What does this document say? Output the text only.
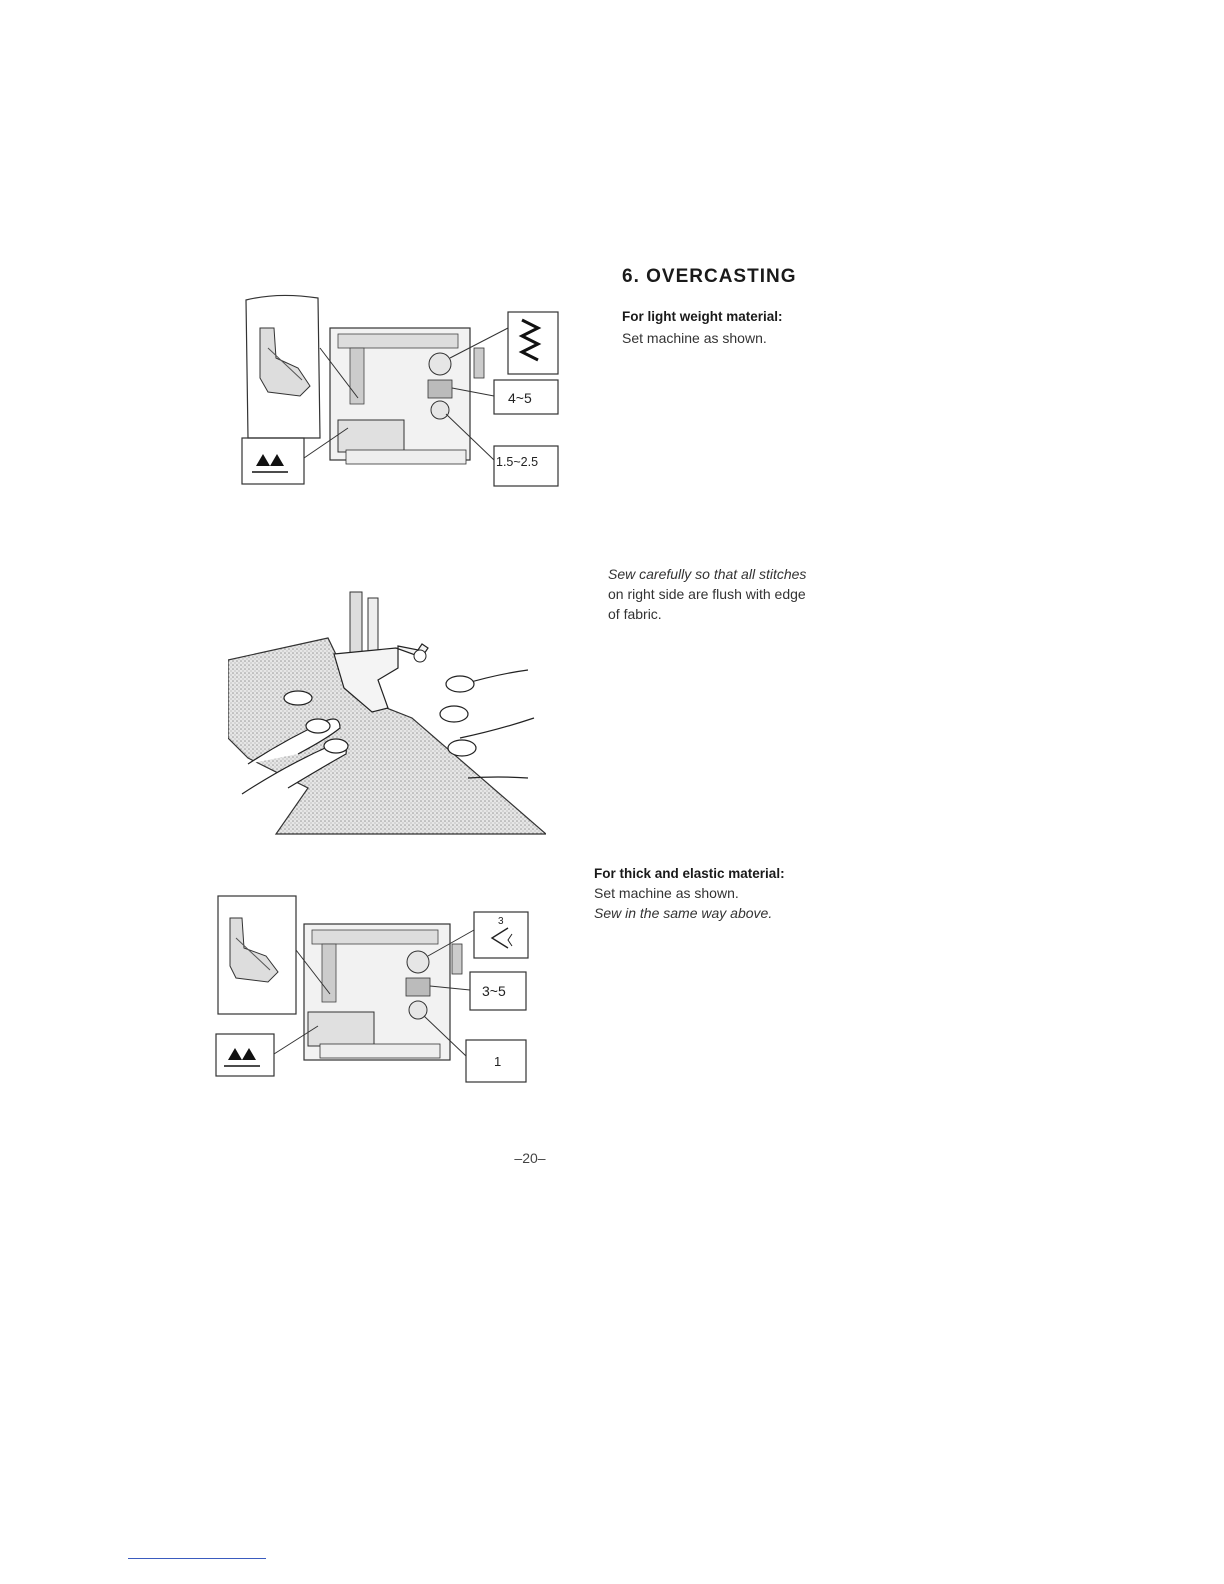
6. OVERCASTING
For light weight material:
Set machine as shown.
Sew carefully so that all stitches
on right side are flush with edge
of fabric.
For thick and elastic material:
Set machine as shown.
Sew in the same way above.
4~5
1.5~2.5
3
3~5
1
–20–
